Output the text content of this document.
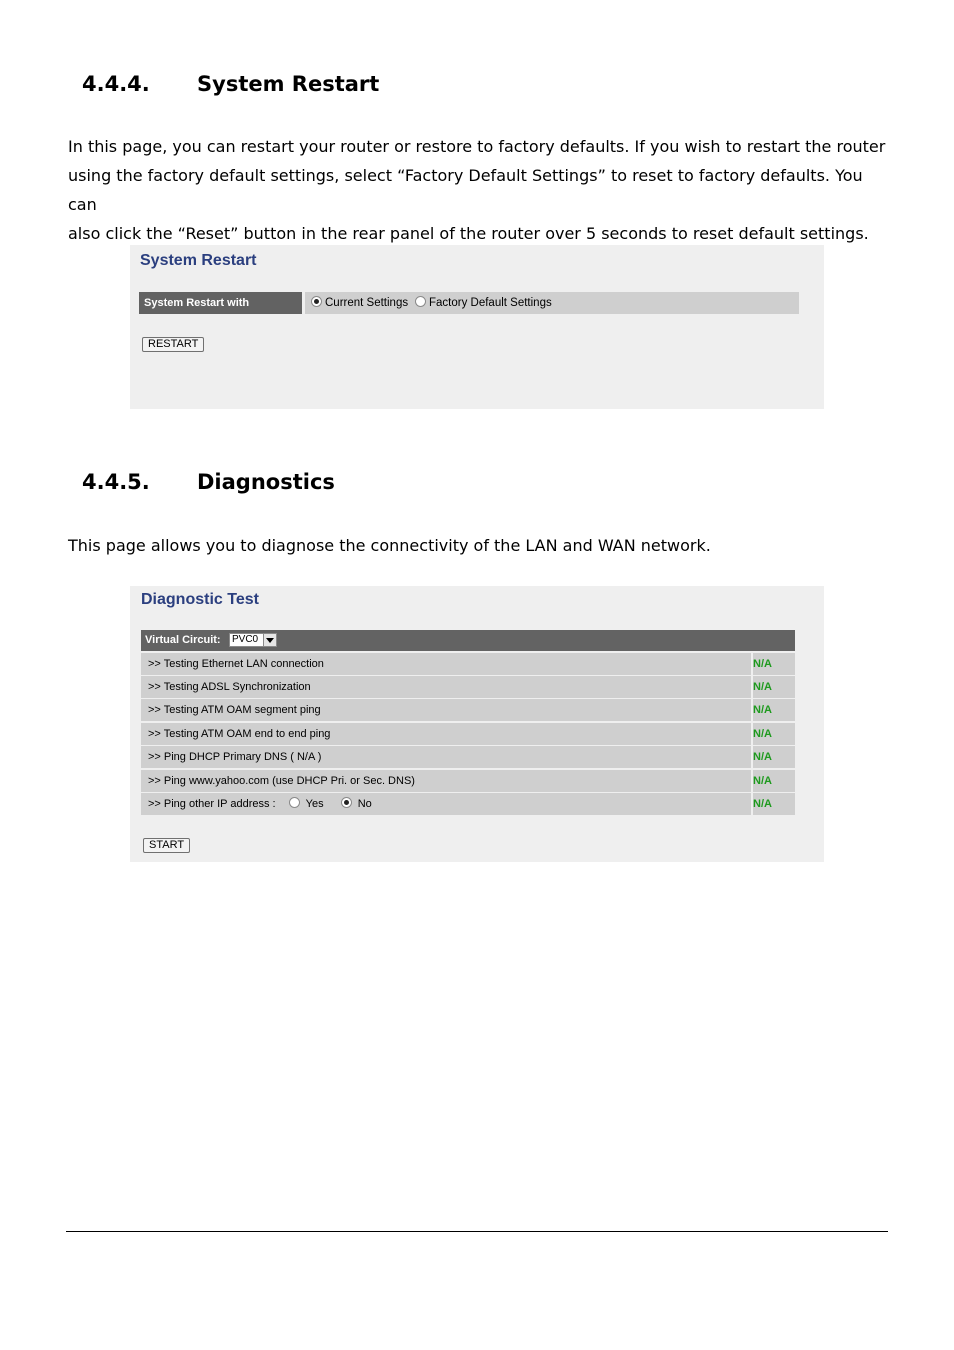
4.4.4. System Restart

In this page, you can restart your router or restore to factory defaults. If you wish to restart the router
using the factory default settings, select “Factory Default Settings” to reset to factory defaults. You can
also click the “Reset” button in the rear panel of the router over 5 seconds to reset default settings.

System Restart
System Restart with	Current Settings	Factory Default Settings
RESTART
4.4.5. Diagnostics

This page allows you to diagnose the connectivity of the LAN and WAN network.

Diagnostic Test
Virtual Circuit:	PVC0
>> Testing Ethernet LAN connection	N/A
>> Testing ADSL Synchronization	N/A
>> Testing ATM OAM segment ping	N/A
>> Testing ATM OAM end to end ping	N/A
>> Ping DHCP Primary DNS ( N/A )	N/A
>> Ping www.yahoo.com (use DHCP Pri. or Sec. DNS)	N/A
>> Ping other IP address :	Yes	No	N/A
START
